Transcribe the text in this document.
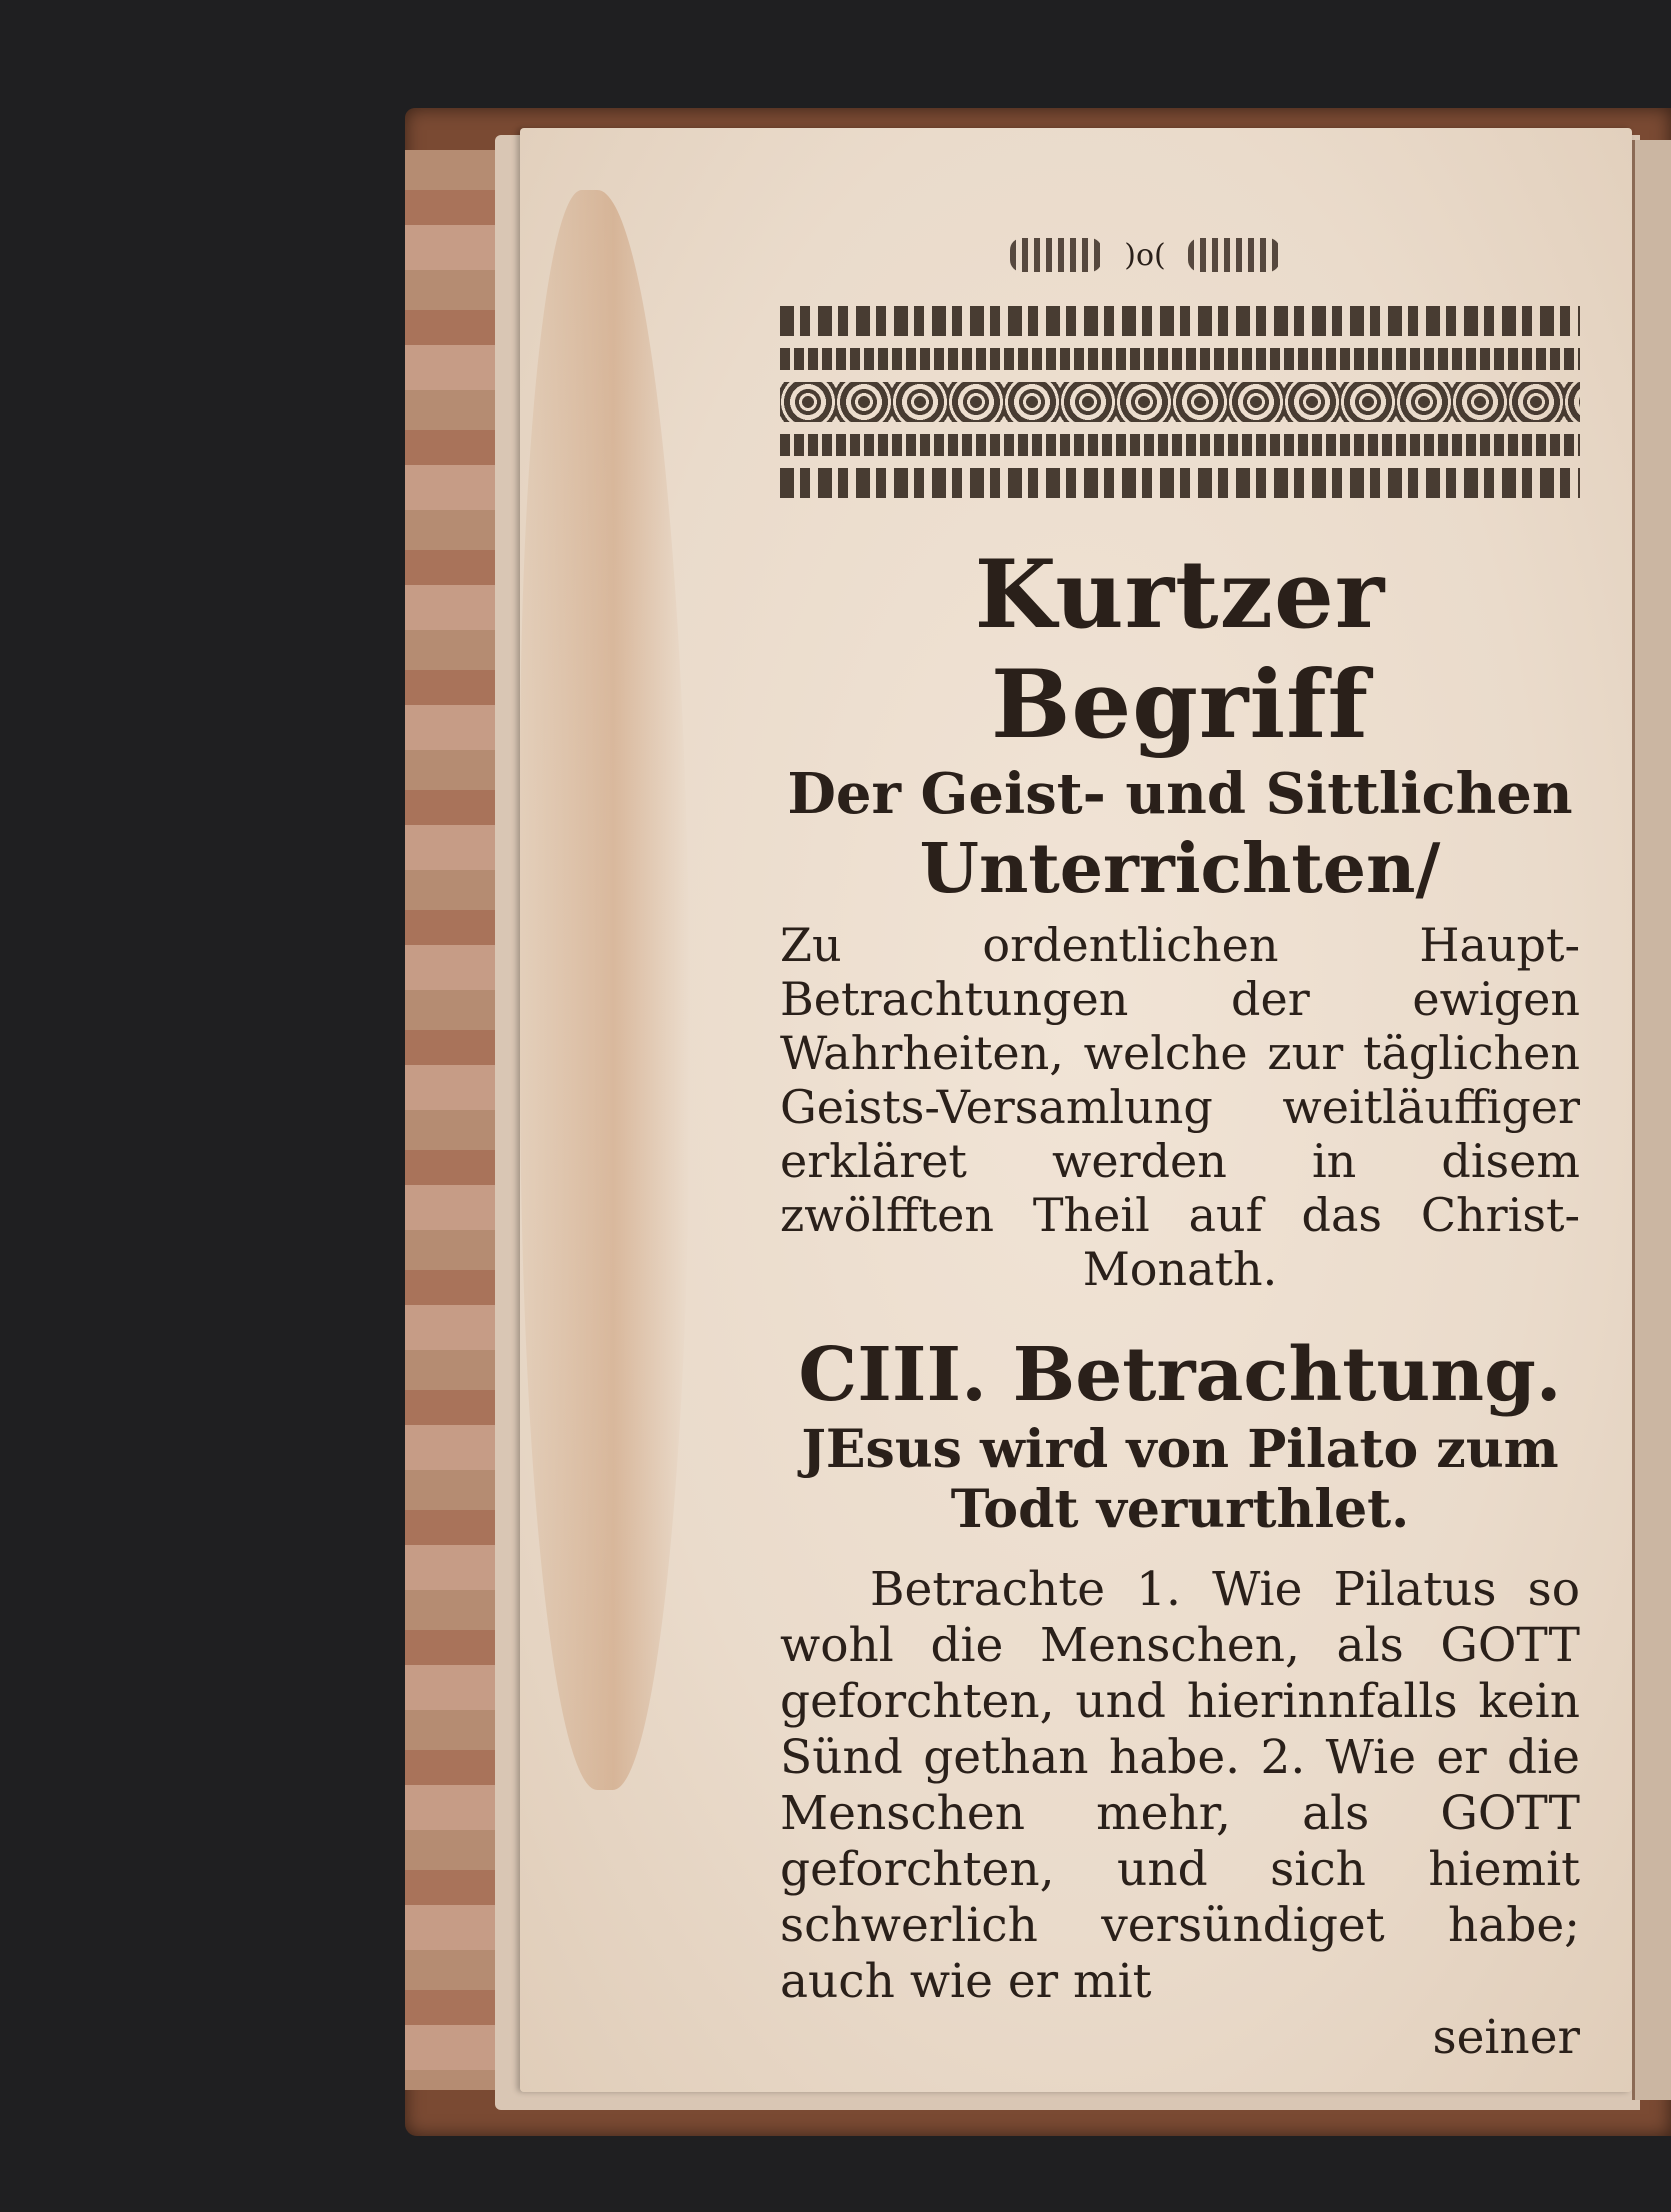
)o(
Kurtzer Begriff
Der Geist- und Sittlichen
Unterrichten/
Zu ordentlichen Haupt-Betrachtungen der ewigen Wahrheiten, welche zur täglichen Geists-Versamlung weitläuffiger erkläret werden in disem zwölfften Theil auf das Christ-Monath.
CIII. Betrachtung.
JEsus wird von Pilato zum Todt verurthlet.
Betrachte 1. Wie Pilatus so wohl die Menschen, als GOTT geforchten, und hierinnfalls kein Sünd gethan habe. 2. Wie er die Menschen mehr, als GOTT geforchten, und sich hiemit schwerlich versündiget habe; auch wie er mit
seiner
